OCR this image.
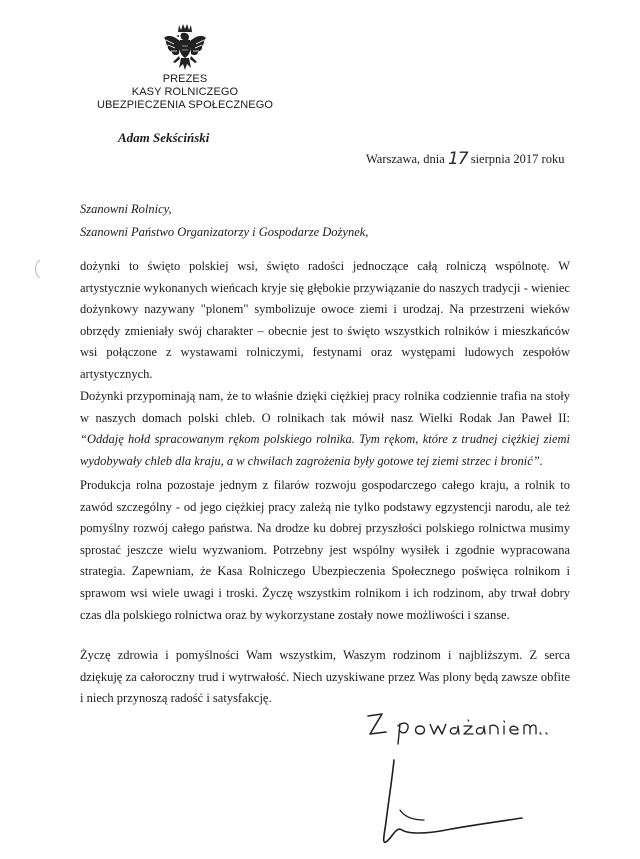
PREZES
KASY ROLNICZEGO
UBEZPIECZENIA SPOŁECZNEGO
Adam Sekściński
Warszawa, dnia 17 sierpnia 2017 roku
Szanowni Rolnicy,
Szanowni Państwo Organizatorzy i Gospodarze Dożynek,
dożynki to święto polskiej wsi, święto radości jednoczące całą rolniczą wspólnotę. W artystycznie wykonanych wieńcach kryje się głębokie przywiązanie do naszych tradycji - wieniec dożynkowy nazywany "plonem" symbolizuje owoce ziemi i urodzaj. Na przestrzeni wieków obrzędy zmieniały swój charakter – obecnie jest to święto wszystkich rolników i mieszkańców wsi połączone z wystawami rolniczymi, festynami oraz występami ludowych zespołów artystycznych.
Dożynki przypominają nam, że to właśnie dzięki ciężkiej pracy rolnika codziennie trafia na stoły w naszych domach polski chleb. O rolnikach tak mówił nasz Wielki Rodak Jan Paweł II: “Oddaję hołd spracowanym rękom polskiego rolnika. Tym rękom, które z trudnej ciężkiej ziemi wydobywały chleb dla kraju, a w chwilach zagrożenia były gotowe tej ziemi strzec i bronić”.
Produkcja rolna pozostaje jednym z filarów rozwoju gospodarczego całego kraju, a rolnik to zawód szczególny - od jego ciężkiej pracy zależą nie tylko podstawy egzystencji narodu, ale też pomyślny rozwój całego państwa. Na drodze ku dobrej przyszłości polskiego rolnictwa musimy sprostać jeszcze wielu wyzwaniom. Potrzebny jest wspólny wysiłek i zgodnie wypracowana strategia. Zapewniam, że Kasa Rolniczego Ubezpieczenia Społecznego poświęca rolnikom i sprawom wsi wiele uwagi i troski. Życzę wszystkim rolnikom i ich rodzinom, aby trwał dobry czas dla polskiego rolnictwa oraz by wykorzystane zostały nowe możliwości i szanse.
Życzę zdrowia i pomyślności Wam wszystkim, Waszym rodzinom i najbliższym. Z serca dziękuję za całoroczny trud i wytrwałość. Niech uzyskiwane przez Was plony będą zawsze obfite i niech przynoszą radość i satysfakcję.
